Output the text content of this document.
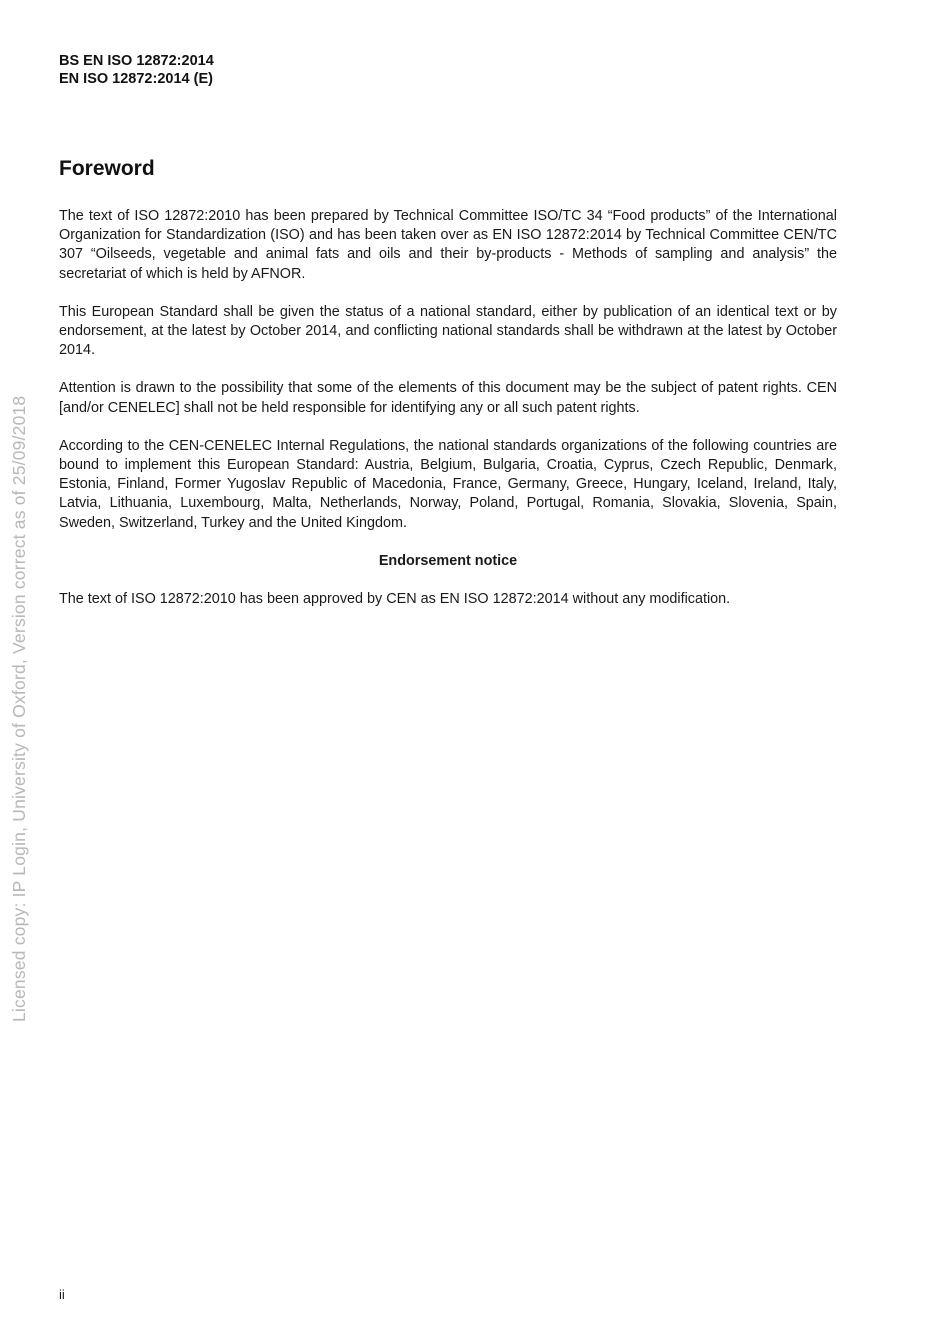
BS EN ISO 12872:2014
EN ISO 12872:2014 (E)
Foreword

The text of ISO 12872:2010 has been prepared by Technical Committee ISO/TC 34 “Food products” of the International Organization for Standardization (ISO) and has been taken over as EN ISO 12872:2014 by Technical Committee CEN/TC 307 “Oilseeds, vegetable and animal fats and oils and their by-products - Methods of sampling and analysis” the secretariat of which is held by AFNOR.

This European Standard shall be given the status of a national standard, either by publication of an identical text or by endorsement, at the latest by October 2014, and conflicting national standards shall be withdrawn at the latest by October 2014.

Attention is drawn to the possibility that some of the elements of this document may be the subject of patent rights. CEN [and/or CENELEC] shall not be held responsible for identifying any or all such patent rights.

According to the CEN-CENELEC Internal Regulations, the national standards organizations of the following countries are bound to implement this European Standard: Austria, Belgium, Bulgaria, Croatia, Cyprus, Czech Republic, Denmark, Estonia, Finland, Former Yugoslav Republic of Macedonia, France, Germany, Greece, Hungary, Iceland, Ireland, Italy, Latvia, Lithuania, Luxembourg, Malta, Netherlands, Norway, Poland, Portugal, Romania, Slovakia, Slovenia, Spain, Sweden, Switzerland, Turkey and the United Kingdom.

Endorsement notice

The text of ISO 12872:2010 has been approved by CEN as EN ISO 12872:2014 without any modification.

Licensed copy: IP Login, University of Oxford, Version correct as of 25/09/2018
ii
